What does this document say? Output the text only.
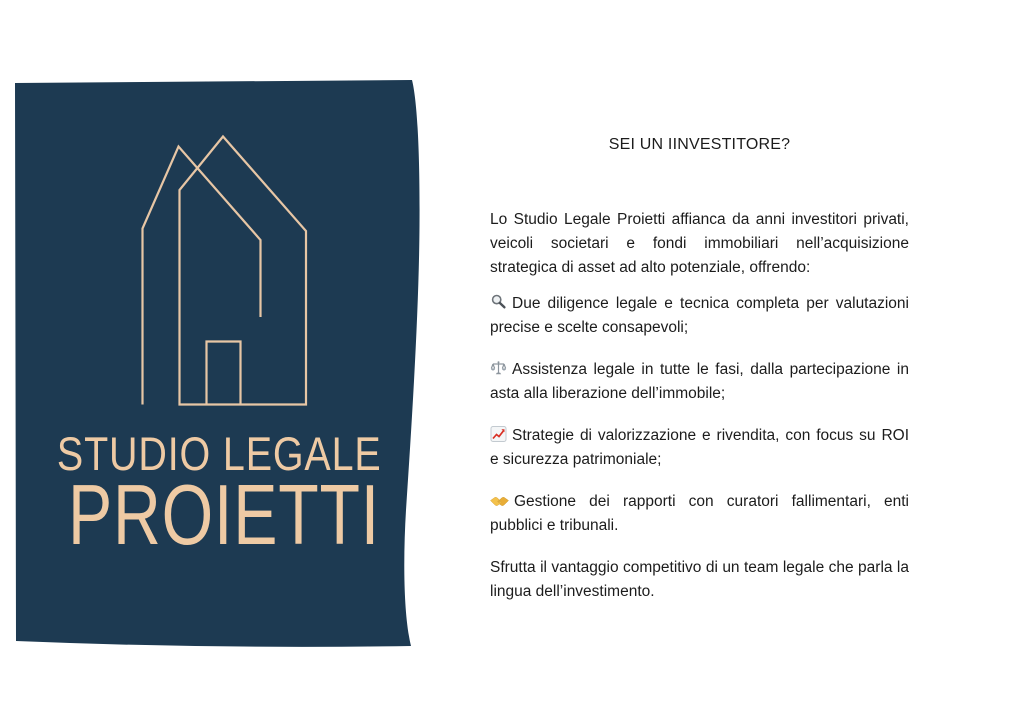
STUDIO LEGALE
PROIETTI
SEI UN IINVESTITORE?

Lo Studio Legale Proietti affianca da anni investitori privati, veicoli societari e fondi immobiliari nell’acquisizione strategica di asset ad alto potenziale, offrendo:

Due diligence legale e tecnica completa per valutazioni precise e scelte consapevoli;

Assistenza legale in tutte le fasi, dalla partecipazione in asta alla liberazione dell’immobile;

Strategie di valorizzazione e rivendita, con focus su ROI e sicurezza patrimoniale;

Gestione dei rapporti con curatori fallimentari, enti pubblici e tribunali.

Sfrutta il vantaggio competitivo di un team legale che parla la lingua dell’investimento.
